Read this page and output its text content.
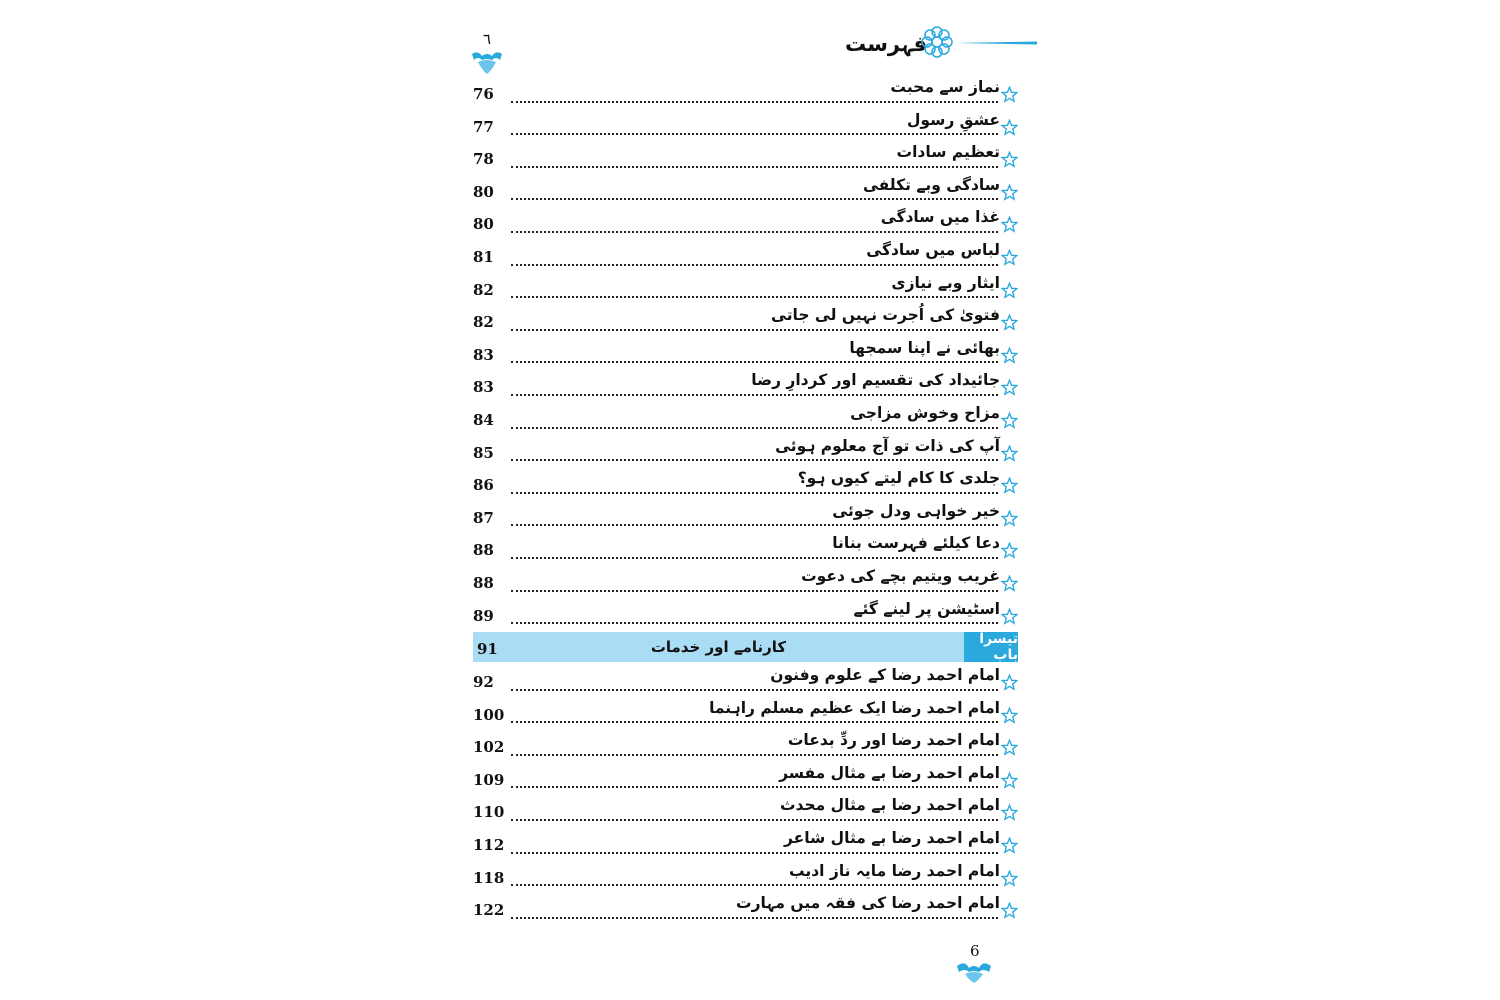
٦	فہرست
نماز سے محبت
76
عشقِ رسول
77
تعظیم سادات
78
سادگی وبے تکلفی
80
غذا میں سادگی
80
لباس میں سادگی
81
ایثار وبے نیازی
82
فتویٰ کی اُجرت نہیں لی جاتی
82
بھائی نے اپنا سمجھا
83
جائیداد کی تقسیم اور کردارِ رضا
83
مزاح وخوش مزاجی
84
آپ کی ذات تو آج معلوم ہوئی
85
جلدی کا کام لیتے کیوں ہو؟
86
خیر خواہی ودل جوئی
87
دعا کیلئے فہرست بنانا
88
غریب ویتیم بچے کی دعوت
88
اسٹیشن پر لینے گئے
89
تیسرا باب
کارنامے اور خدمات
91
امام احمد رضا کے علوم وفنون
92
امام احمد رضا ایک عظیم مسلم راہنما
100
امام احمد رضا اور ردِّ بدعات
102
امام احمد رضا بے مثال مفسر
109
امام احمد رضا بے مثال محدث
110
امام احمد رضا بے مثال شاعر
112
امام احمد رضا مایہ ناز ادیب
118
امام احمد رضا کی فقہ میں مہارت
122
6
